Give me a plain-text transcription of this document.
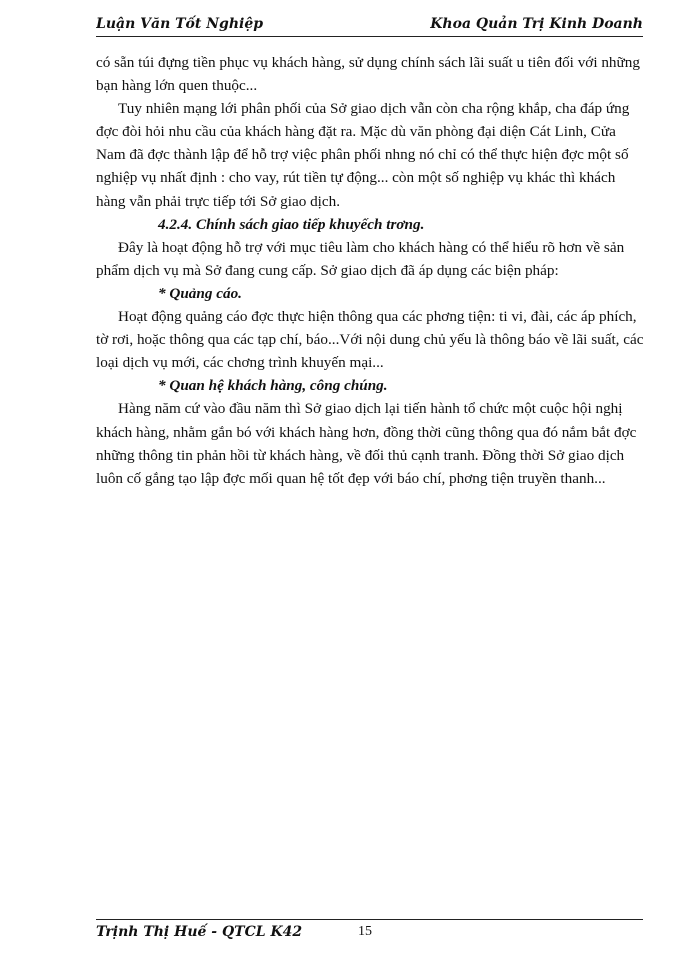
Luận Văn Tốt Nghiệp	Khoa Quản Trị Kinh Doanh

có sẵn túi đựng tiền phục vụ khách hàng, sử dụng chính sách lãi suất u tiên đối với những bạn hàng lớn quen thuộc...

Tuy nhiên mạng lới phân phối của Sở giao dịch vẫn còn cha rộng khắp, cha đáp ứng đợc đòi hỏi nhu cầu của khách hàng đặt ra. Mặc dù văn phòng đại diện Cát Linh, Cửa Nam đã đợc thành lập để hỗ trợ việc phân phối nhng nó chỉ có thể thực hiện đợc một số nghiệp vụ nhất định : cho vay, rút tiền tự động... còn một số nghiệp vụ khác thì khách hàng vẫn phải trực tiếp tới Sở giao dịch.

4.2.4. Chính sách giao tiếp khuyếch trơng.

Đây là hoạt động hỗ trợ với mục tiêu làm cho khách hàng có thể hiểu rõ hơn về sản phẩm dịch vụ mà Sở đang cung cấp. Sở giao dịch đã áp dụng các biện pháp:

* Quảng cáo.

Hoạt động quảng cáo đợc thực hiện thông qua các phơng tiện: ti vi, đài, các áp phích, tờ rơi, hoặc thông qua các tạp chí, báo...Với nội dung chủ yếu là thông báo về lãi suất, các loại dịch vụ mới, các chơng trình khuyến mại...

* Quan hệ khách hàng, công chúng.

Hàng năm cứ vào đầu năm thì Sở giao dịch lại tiến hành tổ chức một cuộc hội nghị khách hàng, nhằm gắn bó với khách hàng hơn, đồng thời cũng thông qua đó nắm bắt đợc những thông tin phản hồi từ khách hàng, về đối thủ cạnh tranh. Đồng thời Sở giao dịch luôn cố gắng tạo lập đợc mối quan hệ tốt đẹp với báo chí, phơng tiện truyền thanh...

Trịnh Thị Huế - QTCL K42	15
